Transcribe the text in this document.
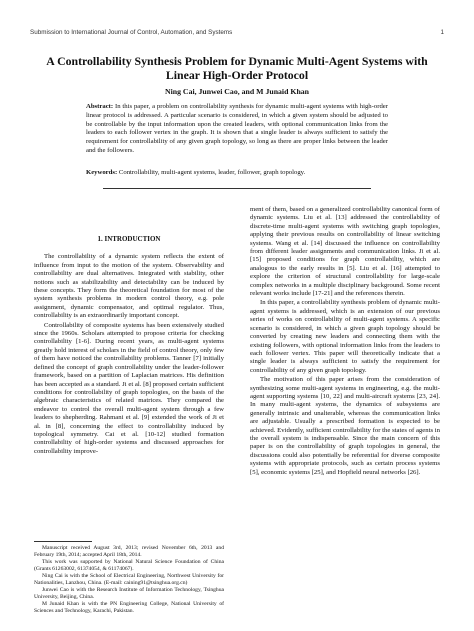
Submission to International Journal of Control, Automation, and Systems	1
A Controllability Synthesis Problem for Dynamic Multi-Agent Systems with Linear High-Order Protocol
Ning Cai, Junwei Cao, and M Junaid Khan

Abstract: In this paper, a problem on controllability synthesis for dynamic multi-agent systems with high-order linear protocol is addressed. A particular scenario is considered, in which a given system should be adjusted to be controllable by the input information upon the created leaders, with optional communication links from the leaders to each follower vertex in the graph. It is shown that a single leader is always sufficient to satisfy the requirement for controllability of any given graph topology, so long as there are proper links between the leader and the followers.

Keywords: Controllability, multi-agent systems, leader, follower, graph topology.

1. INTRODUCTION

The controllability of a dynamic system reflects the extent of influence from input to the motion of the system. Observability and controllability are dual alternatives. Integrated with stability, other notions such as stabilizability and detectability can be induced by these concepts. They form the theoretical foundation for most of the system synthesis problems in modern control theory, e.g. pole assignment, dynamic compensator, and optimal regulator. Thus, controllability is an extraordinarily important concept.

Controllability of composite systems has been extensively studied since the 1960s. Scholars attempted to propose criteria for checking controllability [1-6]. During recent years, as multi-agent systems greatly hold interest of scholars in the field of control theory, only few of them have noticed the controllability problems. Tanner [7] initially defined the concept of graph controllability under the leader-follower framework, based on a partition of Laplacian matrices. His definition has been accepted as a standard. Ji et al. [8] proposed certain sufficient conditions for controllability of graph topologies, on the basis of the algebraic characteristics of related matrices. They compared the endeavor to control the overall multi-agent system through a few leaders to shepherding. Rahmani et al. [9] extended the work of Ji et al. in [8], concerning the effect to controllability induced by topological symmetry. Cai et al. [10-12] studied formation controllability of high-order systems and discussed approaches for controllability improve-

ment of them, based on a generalized controllability canonical form of dynamic systems. Liu et al. [13] addressed the controllability of discrete-time multi-agent systems with switching graph topologies, applying their previous results on controllability of linear switching systems. Wang et al. [14] discussed the influence on controllability from different leader assignments and communication links. Ji et al. [15] proposed conditions for graph controllability, which are analogous to the early results in [5]. Liu et al. [16] attempted to explore the criterion of structural controllability for large-scale complex networks in a multiple disciplinary background. Some recent relevant works include [17-21] and the references therein.

In this paper, a controllability synthesis problem of dynamic multi-agent systems is addressed, which is an extension of our previous series of works on controllability of multi-agent systems. A specific scenario is considered, in which a given graph topology should be converted by creating new leaders and connecting them with the existing followers, with optional information links from the leaders to each follower vertex. This paper will theoretically indicate that a single leader is always sufficient to satisfy the requirement for controllability of any given graph topology.

The motivation of this paper arises from the consideration of synthesizing some multi-agent systems in engineering, e.g. the multi-agent supporting systems [10, 22] and multi-aircraft systems [23, 24]. In many multi-agent systems, the dynamics of subsystems are generally intrinsic and unalterable, whereas the communication links are adjustable. Usually a prescribed formation is expected to be achieved. Evidently, sufficient controllability for the states of agents in the overall system is indispensable. Since the main concern of this paper is on the controllability of graph topologies in general, the discussions could also potentially be referential for diverse composite systems with appropriate protocols, such as certain process systems [5], economic systems [25], and Hopfield neural networks [26].

Manuscript received August 3rd, 2013; revised November 6th, 2013 and February 19th, 2014; accepted April 18th, 2014.

This work was supported by National Natural Science Foundation of China (Grants 61263002, 61374054, & 61174067).

Ning Cai is with the School of Electrical Engineering, Northwest University for Nationalities, Lanzhou, China. (E-mail: caining91@tsinghua.org.cn)

Junwei Cao is with the Research Institute of Information Technology, Tsinghua University, Beijing, China.

M Junaid Khan is with the PN Engineering College, National University of Sciences and Technology, Karachi, Pakistan.
